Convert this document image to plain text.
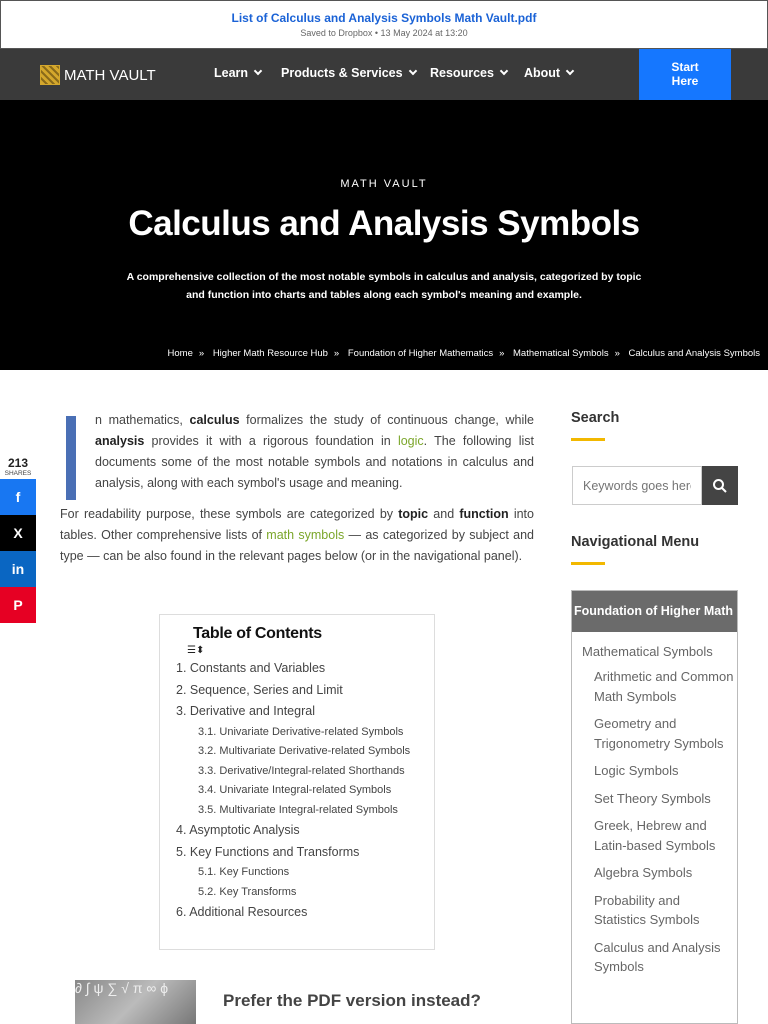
List of Calculus and Analysis Symbols Math Vault.pdf
Saved to Dropbox • 13 May 2024 at 13:20
MATH VAULT	Learn	Products & Services	Resources	About	Start
Here
MATH VAULT
Calculus and Analysis Symbols
A comprehensive collection of the most notable symbols in calculus and analysis, categorized by topic and function into charts and tables along each symbol's meaning and example.
Home » Higher Math Resource Hub » Foundation of Higher Mathematics » Mathematical Symbols » Calculus and Analysis Symbols
213
SHARES
f
X
in
P
n mathematics, calculus formalizes the study of continuous change, while analysis provides it with a rigorous foundation in logic. The following list documents some of the most notable symbols and notations in calculus and analysis, along with each symbol's usage and meaning.
For readability purpose, these symbols are categorized by topic and function into tables. Other comprehensive lists of math symbols — as categorized by subject and type — can be also found in the relevant pages below (or in the navigational panel).
Table of Contents
☰⬍
1. Constants and Variables
2. Sequence, Series and Limit
3. Derivative and Integral
3.1. Univariate Derivative-related Symbols
3.2. Multivariate Derivative-related Symbols
3.3. Derivative/Integral-related Shorthands
3.4. Univariate Integral-related Symbols
3.5. Multivariate Integral-related Symbols
4. Asymptotic Analysis
5. Key Functions and Transforms
5.1. Key Functions
5.2. Key Transforms
6. Additional Resources
∂ ∫ ψ ∑ √ π ∞ ϕ
Prefer the PDF version instead?
Search
Keywords goes here
Navigational Menu
Foundation of Higher Math
Mathematical Symbols
Arithmetic and Common Math Symbols
Geometry and Trigonometry Symbols
Logic Symbols
Set Theory Symbols
Greek, Hebrew and Latin-based Symbols
Algebra Symbols
Probability and Statistics Symbols
Calculus and Analysis Symbols
